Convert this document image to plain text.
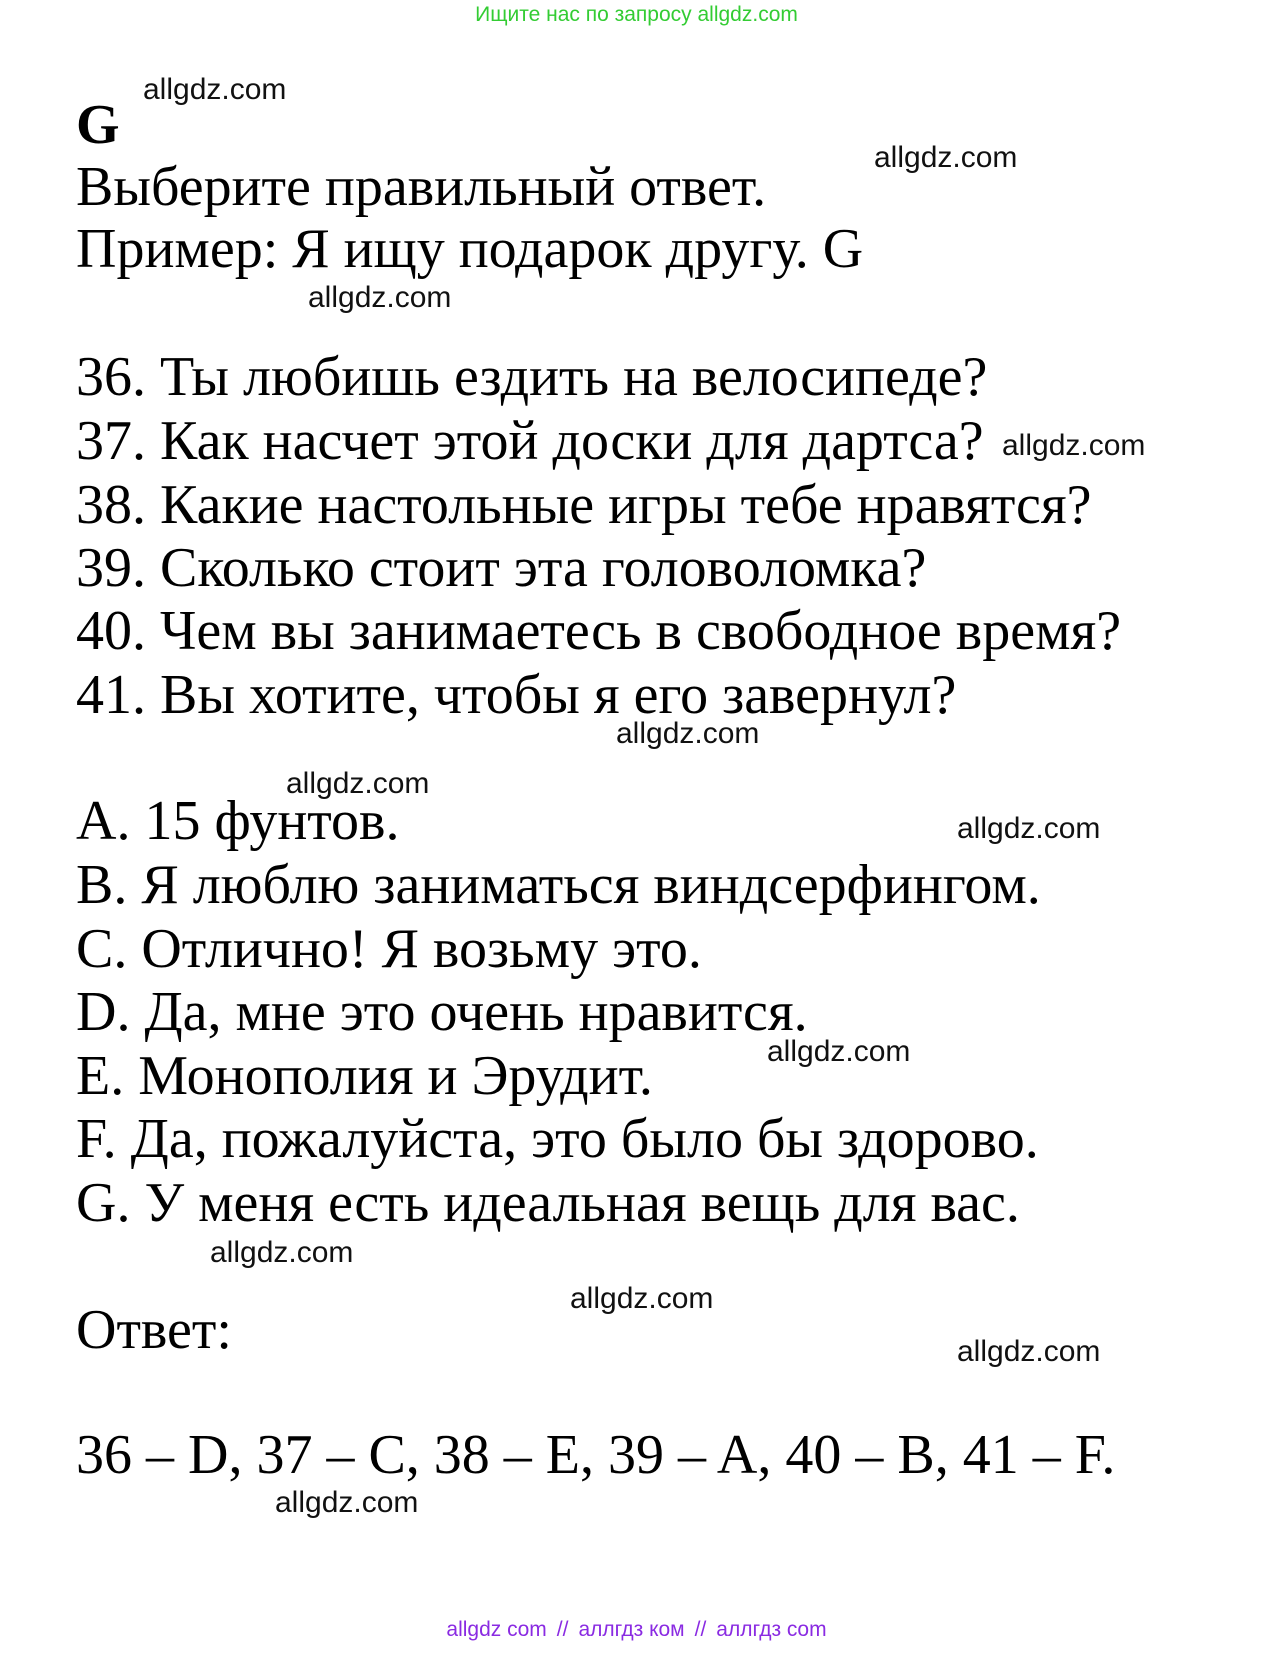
Ищите нас по запросу allgdz.com
allgdz.com
allgdz.com
allgdz.com
allgdz.com
allgdz.com
allgdz.com
allgdz.com
allgdz.com
allgdz.com
allgdz.com
allgdz.com
allgdz.com
G
Выберите правильный ответ.
Пример: Я ищу подарок другу. G
36. Ты любишь ездить на велосипеде?
37. Как насчет этой доски для дартса?
38. Какие настольные игры тебе нравятся?
39. Сколько стоит эта головоломка?
40. Чем вы занимаетесь в свободное время?
41. Вы хотите, чтобы я его завернул?
A. 15 фунтов.
B. Я люблю заниматься виндсерфингом.
C. Отлично! Я возьму это.
D. Да, мне это очень нравится.
E. Монополия и Эрудит.
F. Да, пожалуйста, это было бы здорово.
G. У меня есть идеальная вещь для вас.
Ответ:
36 – D, 37 – C, 38 – E, 39 – A, 40 – B, 41 – F.
allgdz com // аллгдз ком // аллгдз com
